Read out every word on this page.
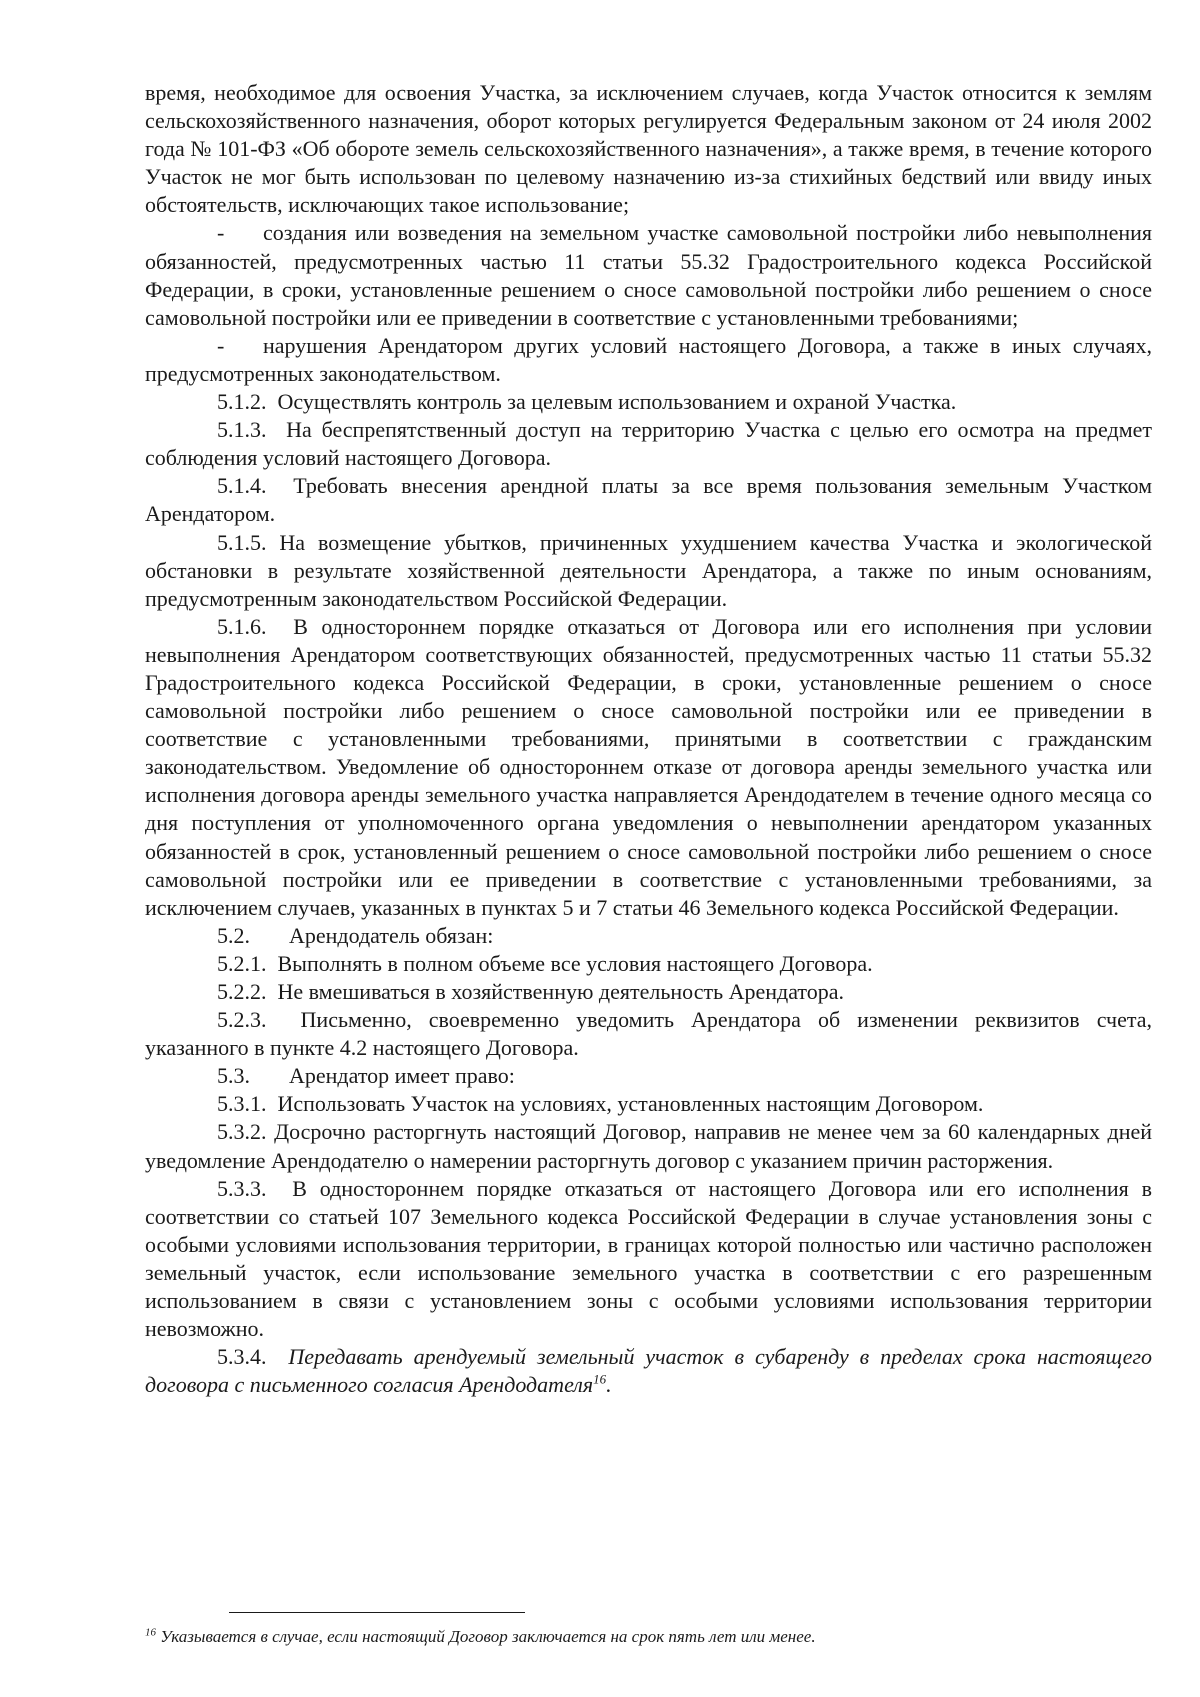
время, необходимое для освоения Участка, за исключением случаев, когда Участок относится к землям сельскохозяйственного назначения, оборот которых регулируется Федеральным законом от 24 июля 2002 года № 101-ФЗ «Об обороте земель сельскохозяйственного назначения», а также время, в течение которого Участок не мог быть использован по целевому назначению из-за стихийных бедствий или ввиду иных обстоятельств, исключающих такое использование;

- создания или возведения на земельном участке самовольной постройки либо невыполнения обязанностей, предусмотренных частью 11 статьи 55.32 Градостроительного кодекса Российской Федерации, в сроки, установленные решением о сносе самовольной постройки либо решением о сносе самовольной постройки или ее приведении в соответствие с установленными требованиями;

- нарушения Арендатором других условий настоящего Договора, а также в иных случаях, предусмотренных законодательством.

5.1.2. Осуществлять контроль за целевым использованием и охраной Участка.

5.1.3. На беспрепятственный доступ на территорию Участка с целью его осмотра на предмет соблюдения условий настоящего Договора.

5.1.4. Требовать внесения арендной платы за все время пользования земельным Участком Арендатором.

5.1.5. На возмещение убытков, причиненных ухудшением качества Участка и экологической обстановки в результате хозяйственной деятельности Арендатора, а также по иным основаниям, предусмотренным законодательством Российской Федерации.

5.1.6. В одностороннем порядке отказаться от Договора или его исполнения при условии невыполнения Арендатором соответствующих обязанностей, предусмотренных частью 11 статьи 55.32 Градостроительного кодекса Российской Федерации, в сроки, установленные решением о сносе самовольной постройки либо решением о сносе самовольной постройки или ее приведении в соответствие с установленными требованиями, принятыми в соответствии с гражданским законодательством. Уведомление об одностороннем отказе от договора аренды земельного участка или исполнения договора аренды земельного участка направляется Арендодателем в течение одного месяца со дня поступления от уполномоченного органа уведомления о невыполнении арендатором указанных обязанностей в срок, установленный решением о сносе самовольной постройки либо решением о сносе самовольной постройки или ее приведении в соответствие с установленными требованиями, за исключением случаев, указанных в пунктах 5 и 7 статьи 46 Земельного кодекса Российской Федерации.

5.2. Арендодатель обязан:

5.2.1. Выполнять в полном объеме все условия настоящего Договора.

5.2.2. Не вмешиваться в хозяйственную деятельность Арендатора.

5.2.3. Письменно, своевременно уведомить Арендатора об изменении реквизитов счета, указанного в пункте 4.2 настоящего Договора.

5.3. Арендатор имеет право:

5.3.1. Использовать Участок на условиях, установленных настоящим Договором.

5.3.2. Досрочно расторгнуть настоящий Договор, направив не менее чем за 60 календарных дней уведомление Арендодателю о намерении расторгнуть договор с указанием причин расторжения.

5.3.3. В одностороннем порядке отказаться от настоящего Договора или его исполнения в соответствии со статьей 107 Земельного кодекса Российской Федерации в случае установления зоны с особыми условиями использования территории, в границах которой полностью или частично расположен земельный участок, если использование земельного участка в соответствии с его разрешенным использованием в связи с установлением зоны с особыми условиями использования территории невозможно.

5.3.4. Передавать арендуемый земельный участок в субаренду в пределах срока настоящего договора с письменного согласия Арендодателя$^{16}$.

$^{16}$ Указывается в случае, если настоящий Договор заключается на срок пять лет или менее.
